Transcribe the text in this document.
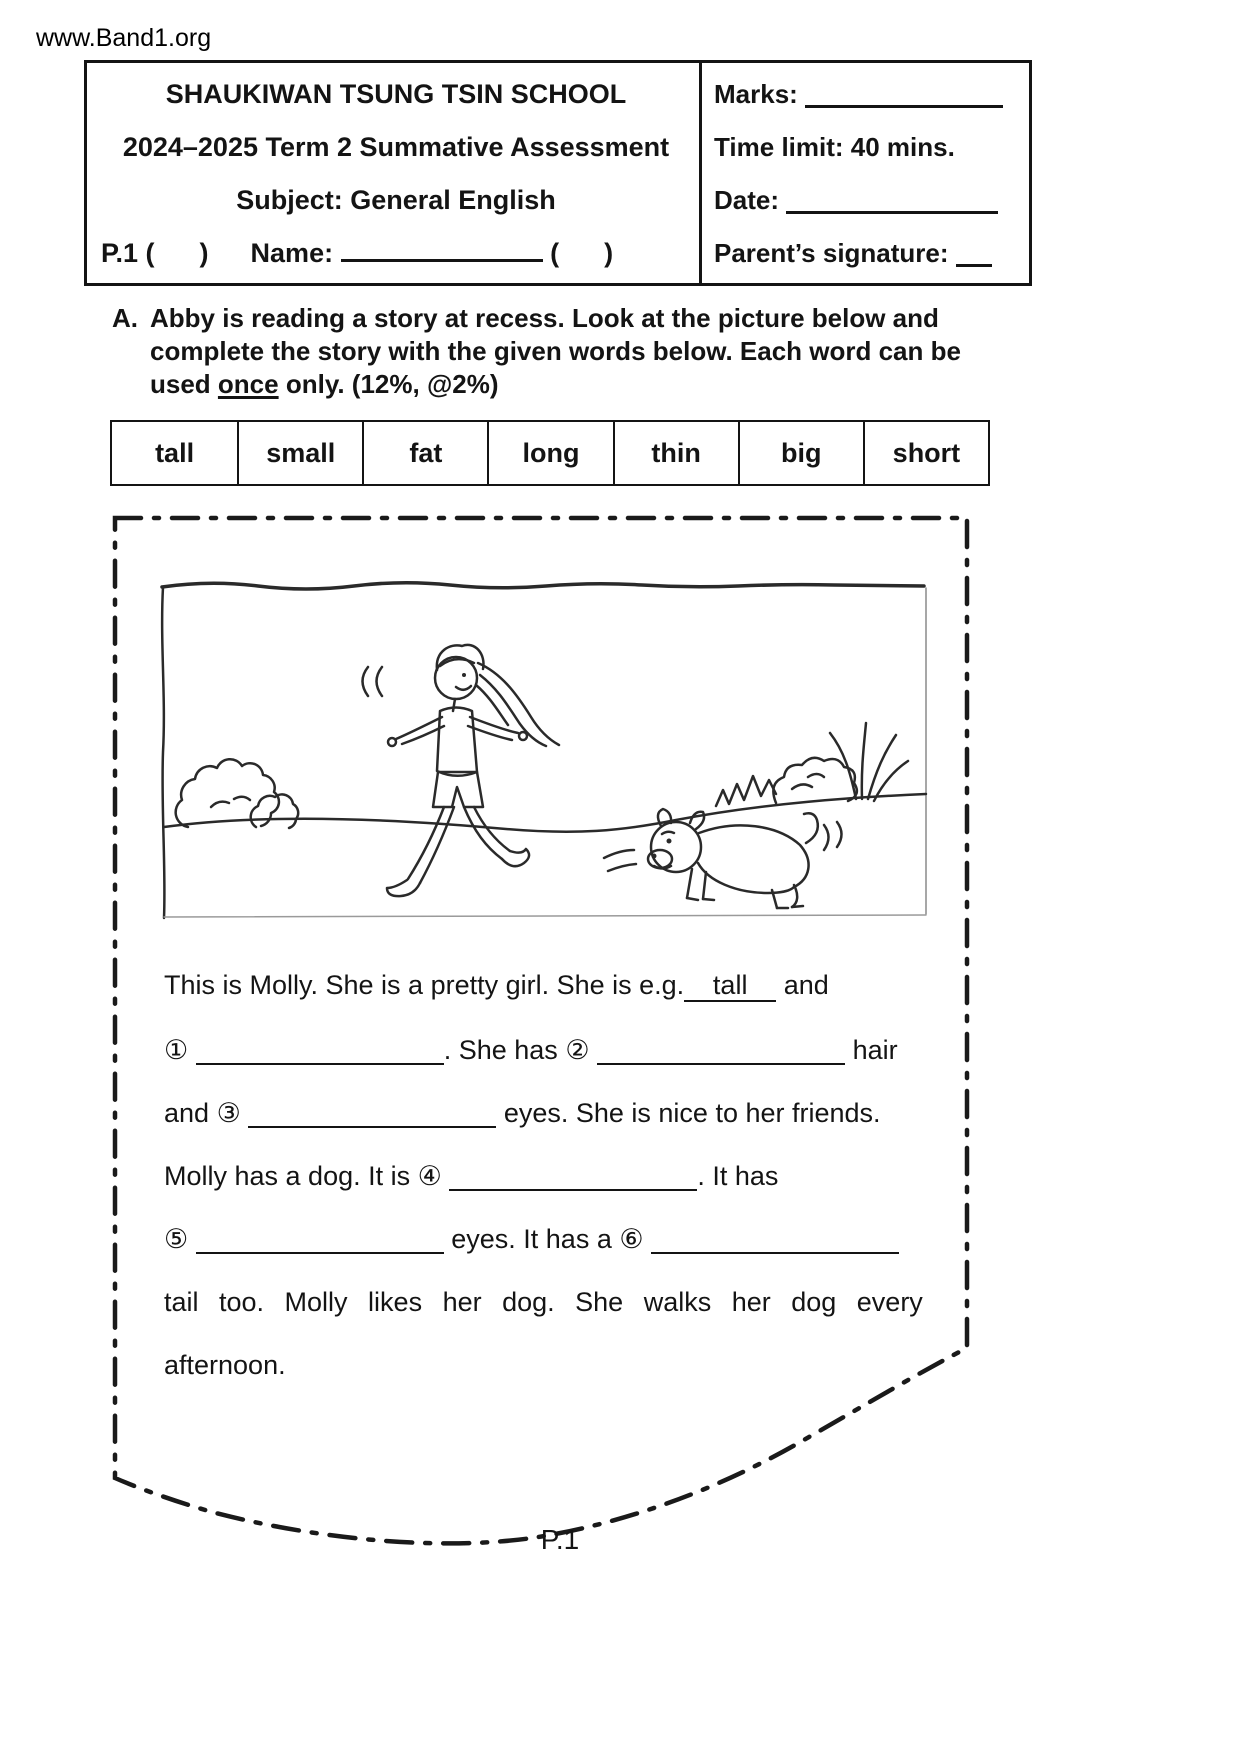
www.Band1.org
SHAUKIWAN TSUNG TSIN SCHOOL
2024–2025 Term 2 Summative Assessment
Subject: General English
P.1 (      ) Name:

	(      )
Marks:
Time limit: 40 mins.
Date:
Parent’s signature:
A. Abby is reading a story at recess. Look at the picture below and complete the story with the given words below. Each word can be used once only. (12%, @2%)
tall	small	fat	long	thin	big	short
This is Molly. She is a pretty girl. She is e.g. tall and
①	. She has ②	hair
and ③	eyes. She is nice to her friends.
Molly has a dog. It is ④	. It has
⑤	eyes. It has a ⑥
tail too. Molly likes her dog. She walks her dog every
afternoon.
P.1
